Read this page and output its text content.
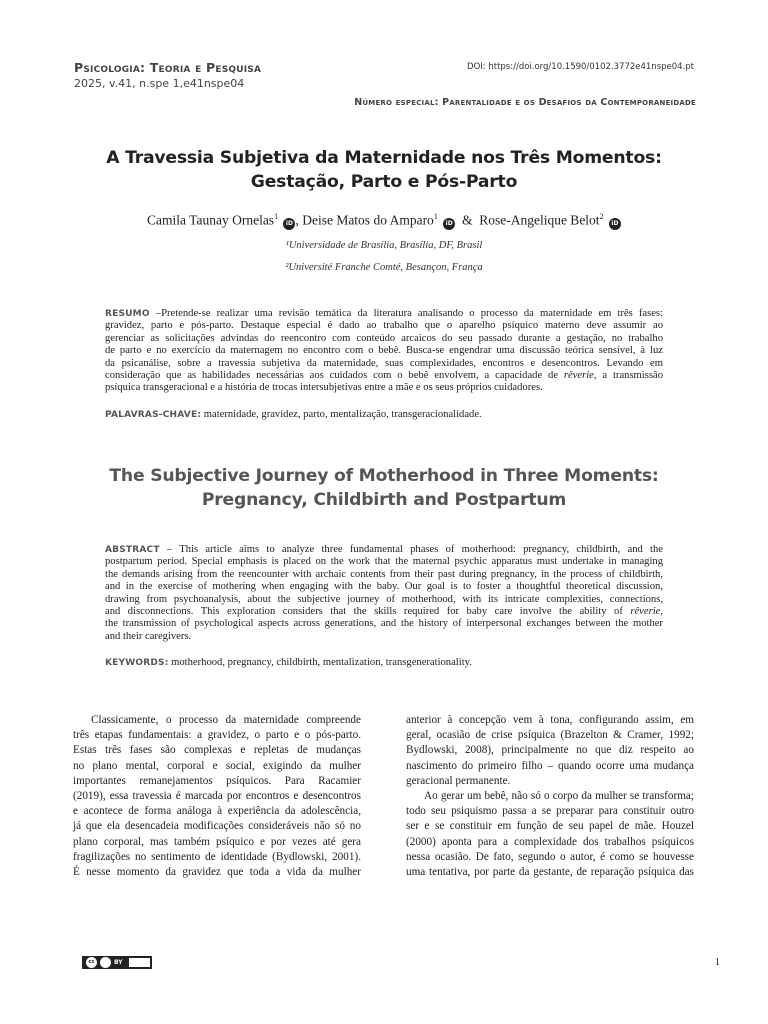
Psicologia: Teoria e Pesquisa
2025, v.41, n.spe 1,e41nspe04
DOI: https://doi.org/10.1590/0102.3772e41nspe04.pt
Número especial: Parentalidade e os Desafios da Contemporaneidade
A Travessia Subjetiva da Maternidade nos Três Momentos:
Gestação, Parto e Pós-Parto
Camila Taunay Ornelas$^1$ iD , Deise Matos do Amparo$^1$ iD & Rose-Angelique Belot$^2$ iD
¹Universidade de Brasília, Brasília, DF, Brasil
²Université Franche Comté, Besançon, França
RESUMO –Pretende-se realizar uma revisão temática da literatura analisando o processo da maternidade em três fases:
gravidez, parto e pós-parto. Destaque especial é dado ao trabalho que o aparelho psíquico materno deve assumir ao
gerenciar as solicitações advindas do reencontro com conteúdo arcaicos do seu passado durante a gestação, no trabalho
de parto e no exercício da maternagem no encontro com o bebê. Busca-se engendrar uma discussão teórica sensível, à luz
da psicanálise, sobre a travessia subjetiva da maternidade, suas complexidades, encontros e desencontros. Levando em
consideração que as habilidades necessárias aos cuidados com o bebê envolvem, a capacidade de rêverie, a transmissão
psíquica transgeracional e a história de trocas intersubjetivas entre a mãe e os seus próprios cuidadores.
PALAVRAS-CHAVE: maternidade, gravidez, parto, mentalização, transgeracionalidade.
The Subjective Journey of Motherhood in Three Moments:
Pregnancy, Childbirth and Postpartum
ABSTRACT – This article aims to analyze three fundamental phases of motherhood: pregnancy, childbirth, and the
postpartum period. Special emphasis is placed on the work that the maternal psychic apparatus must undertake in managing
the demands arising from the reencounter with archaic contents from their past during pregnancy, in the process of childbirth,
and in the exercise of mothering when engaging with the baby. Our goal is to foster a thoughtful theoretical discussion,
drawing from psychoanalysis, about the subjective journey of motherhood, with its intricate complexities, connections,
and disconnections. This exploration considers that the skills required for baby care involve the ability of rêverie,
the transmission of psychological aspects across generations, and the history of interpersonal exchanges between the mother
and their caregivers.
KEYWORDS: motherhood, pregnancy, childbirth, mentalization, transgenerationality.
Classicamente, o processo da maternidade compreende
três etapas fundamentais: a gravidez, o parto e o pós-parto.
Estas três fases são complexas e repletas de mudanças
no plano mental, corporal e social, exigindo da mulher
importantes remanejamentos psíquicos. Para Racamier
(2019), essa travessia é marcada por encontros e desencontros
e acontece de forma análoga à experiência da adolescência,
já que ela desencadeia modificações consideráveis não só no
plano corporal, mas também psíquico e por vezes até gera
fragilizações no sentimento de identidade (Bydlowski, 2001).
É nesse momento da gravidez que toda a vida da mulher
anterior à concepção vem à tona, configurando assim, em
geral, ocasião de crise psíquica (Brazelton & Cramer, 1992;
Bydlowski, 2008), principalmente no que diz respeito ao
nascimento do primeiro filho – quando ocorre uma mudança
geracional permanente.
Ao gerar um bebê, não só o corpo da mulher se transforma;
todo seu psiquismo passa a se preparar para constituir outro
ser e se constituir em função de seu papel de mãe. Houzel
(2000) aponta para a complexidade dos trabalhos psíquicos
nessa ocasião. De fato, segundo o autor, é como se houvesse
uma tentativa, por parte da gestante, de reparação psíquica das
cc	BY	1
